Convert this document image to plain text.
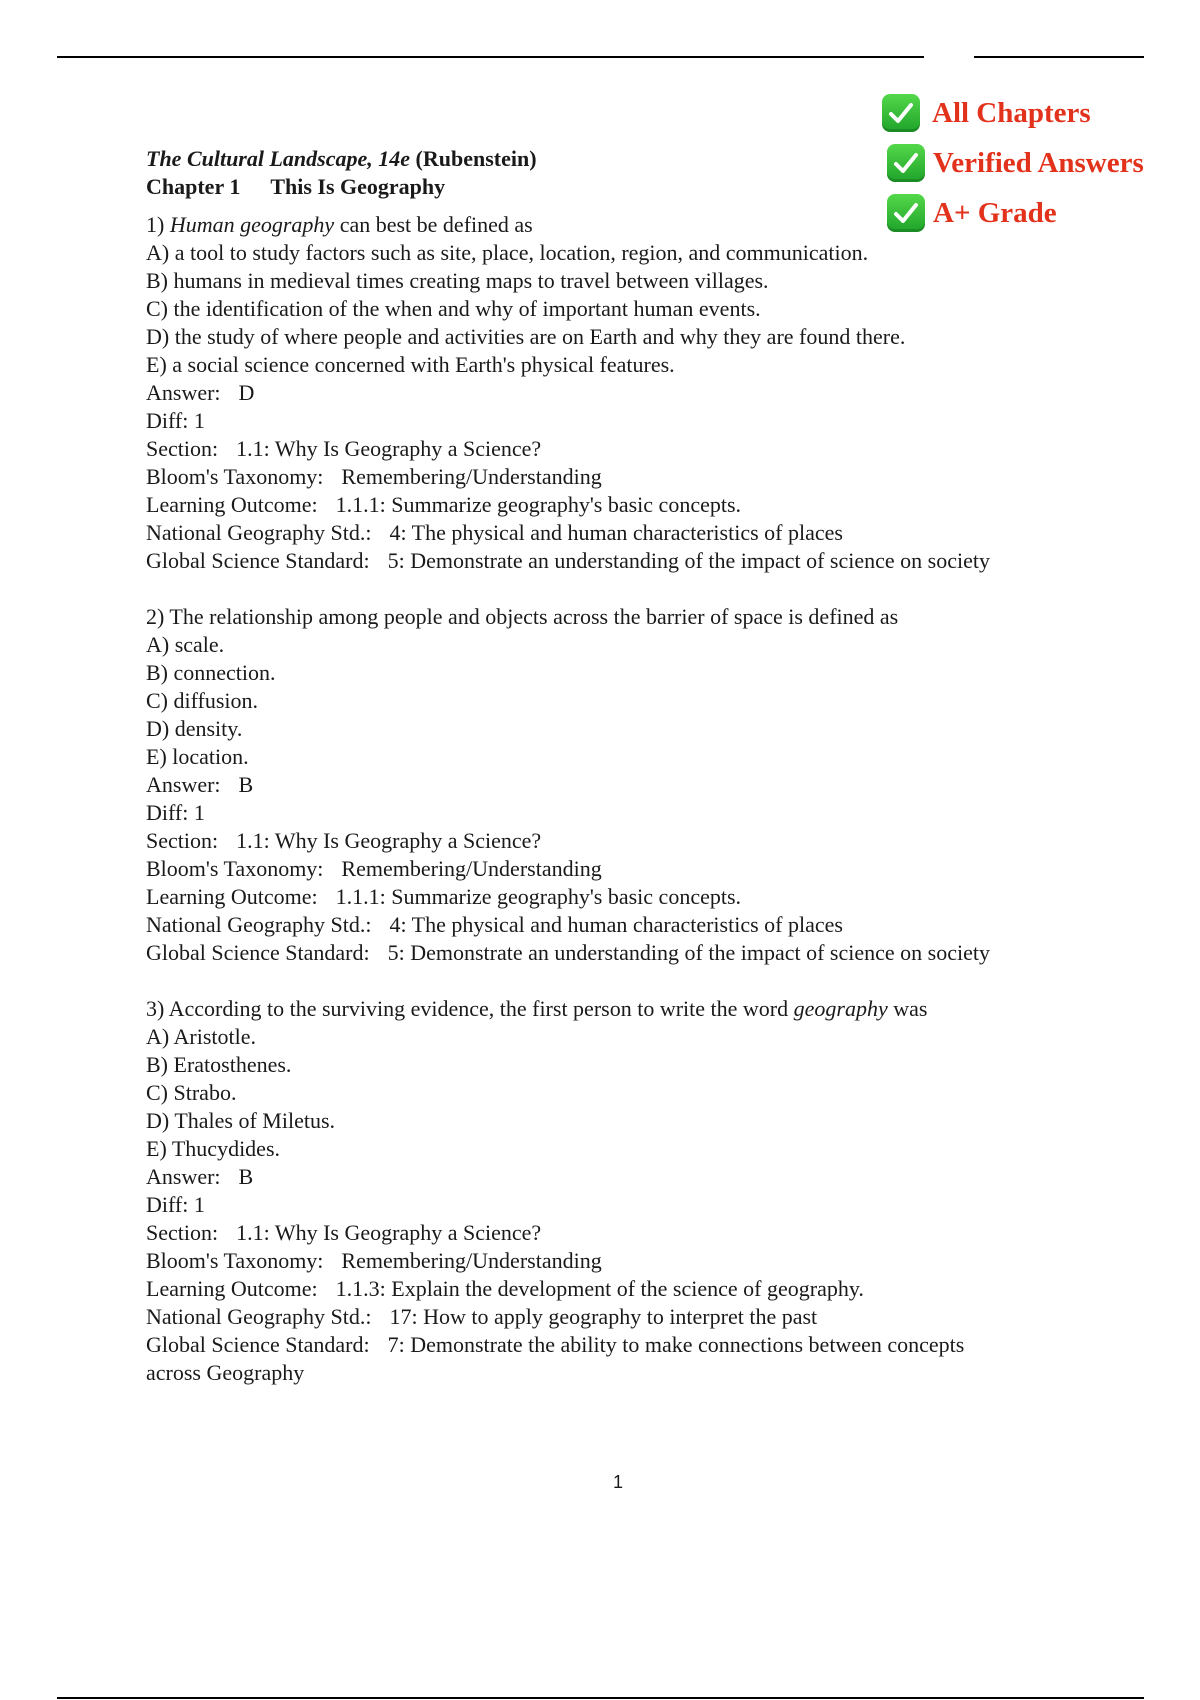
All Chapters
Verified Answers
A+ Grade
The Cultural Landscape, 14e (Rubenstein)
Chapter 1 This Is Geography
1) Human geography can best be defined as
A) a tool to study factors such as site, place, location, region, and communication.
B) humans in medieval times creating maps to travel between villages.
C) the identification of the when and why of important human events.
D) the study of where people and activities are on Earth and why they are found there.
E) a social science concerned with Earth's physical features.
Answer: D
Diff: 1
Section: 1.1: Why Is Geography a Science?
Bloom's Taxonomy: Remembering/Understanding
Learning Outcome: 1.1.1: Summarize geography's basic concepts.
National Geography Std.: 4: The physical and human characteristics of places
Global Science Standard: 5: Demonstrate an understanding of the impact of science on society
2) The relationship among people and objects across the barrier of space is defined as
A) scale.
B) connection.
C) diffusion.
D) density.
E) location.
Answer: B
Diff: 1
Section: 1.1: Why Is Geography a Science?
Bloom's Taxonomy: Remembering/Understanding
Learning Outcome: 1.1.1: Summarize geography's basic concepts.
National Geography Std.: 4: The physical and human characteristics of places
Global Science Standard: 5: Demonstrate an understanding of the impact of science on society
3) According to the surviving evidence, the first person to write the word geography was
A) Aristotle.
B) Eratosthenes.
C) Strabo.
D) Thales of Miletus.
E) Thucydides.
Answer: B
Diff: 1
Section: 1.1: Why Is Geography a Science?
Bloom's Taxonomy: Remembering/Understanding
Learning Outcome: 1.1.3: Explain the development of the science of geography.
National Geography Std.: 17: How to apply geography to interpret the past
Global Science Standard: 7: Demonstrate the ability to make connections between concepts
across Geography
1
